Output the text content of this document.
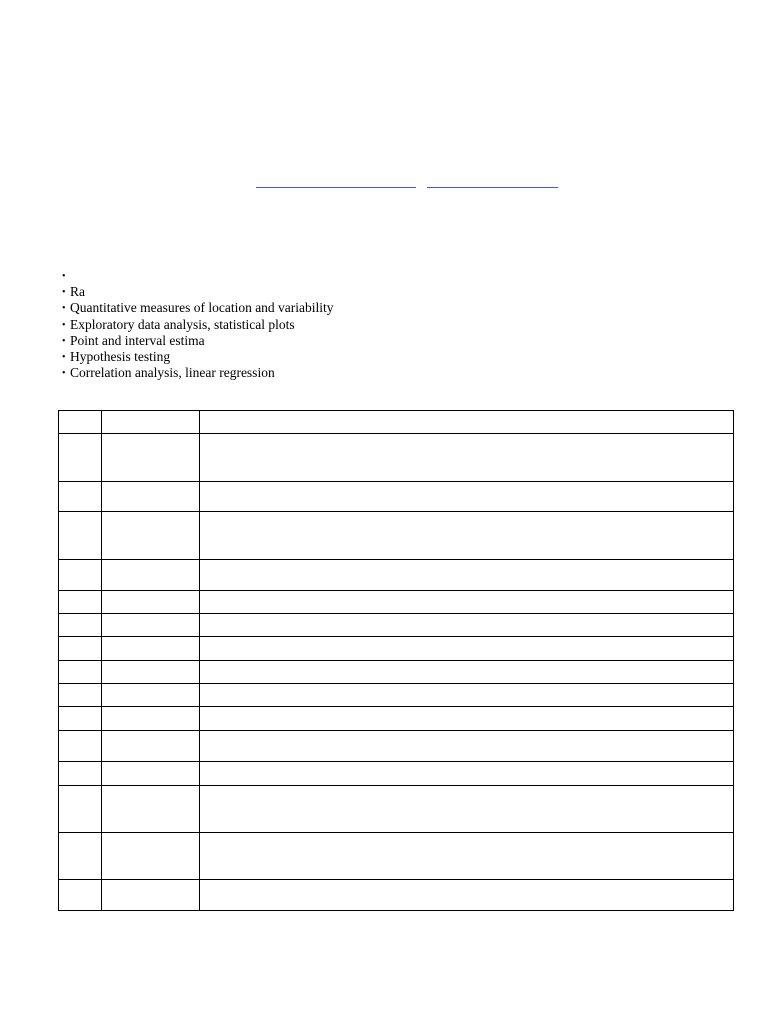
•
• Ra
• Quantitative measures of location and variability
• Exploratory data analysis, statistical plots
• Point and interval estima
• Hypothesis testing
• Correlation analysis, linear regression
